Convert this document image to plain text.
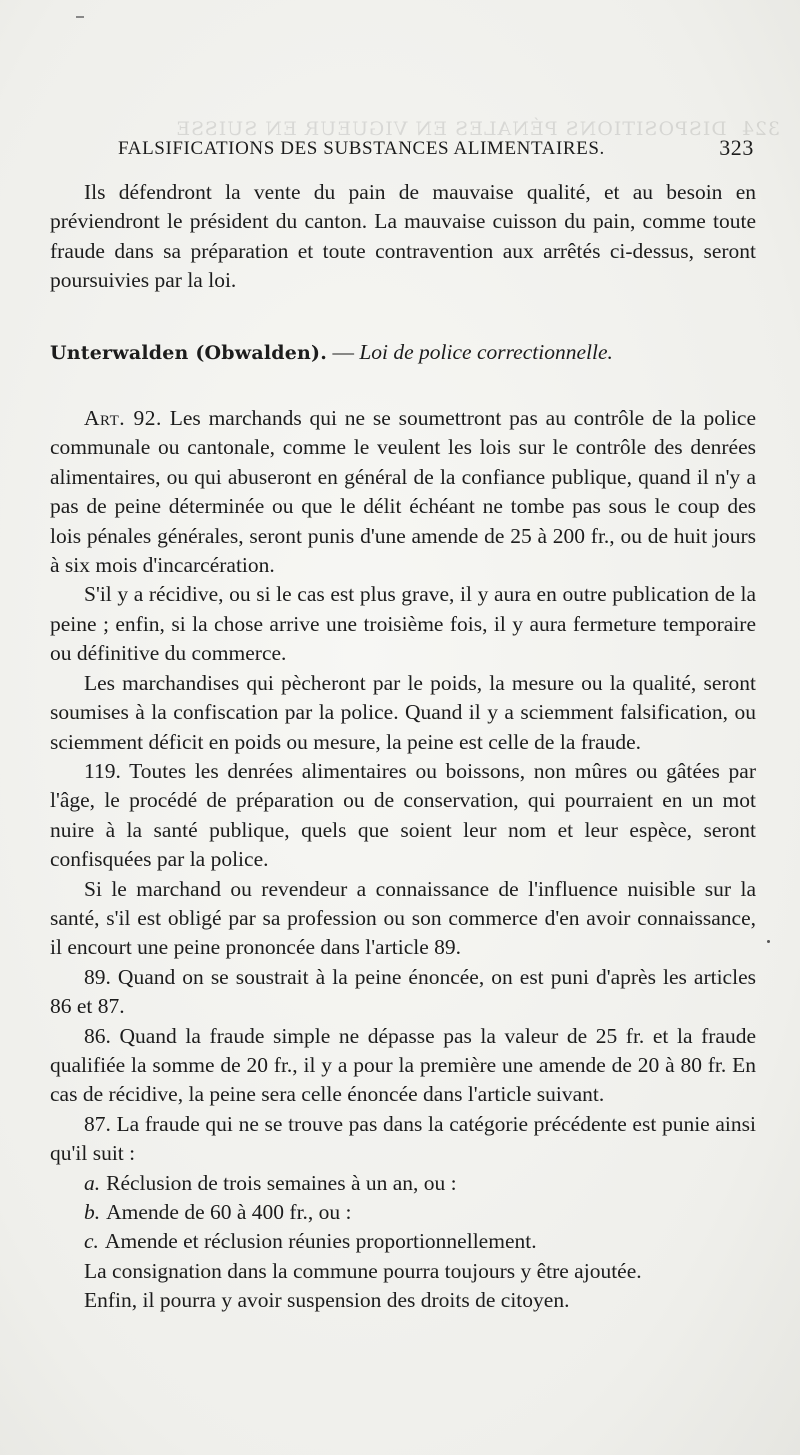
324  DISPOSITIONS PÉNALES EN VIGUEUR EN SUISSE
FALSIFICATIONS DES SUBSTANCES ALIMENTAIRES.	323

Ils défendront la vente du pain de mauvaise qualité, et au besoin en préviendront le président du canton. La mauvaise cuisson du pain, comme toute fraude dans sa préparation et toute contravention aux arrêtés ci-dessus, seront poursuivies par la loi.

Unterwalden (Obwalden). — Loi de police correctionnelle.

Art. 92. Les marchands qui ne se soumettront pas au contrôle de la police communale ou cantonale, comme le veulent les lois sur le contrôle des denrées alimentaires, ou qui abuseront en général de la confiance publique, quand il n'y a pas de peine déterminée ou que le délit échéant ne tombe pas sous le coup des lois pénales générales, seront punis d'une amende de 25 à 200 fr., ou de huit jours à six mois d'incarcération.

S'il y a récidive, ou si le cas est plus grave, il y aura en outre publication de la peine ; enfin, si la chose arrive une troisième fois, il y aura fermeture temporaire ou définitive du commerce.

Les marchandises qui pècheront par le poids, la mesure ou la qualité, seront soumises à la confiscation par la police. Quand il y a sciemment falsification, ou sciemment déficit en poids ou mesure, la peine est celle de la fraude.

119. Toutes les denrées alimentaires ou boissons, non mûres ou gâtées par l'âge, le procédé de préparation ou de conservation, qui pourraient en un mot nuire à la santé publique, quels que soient leur nom et leur espèce, seront confisquées par la police.

Si le marchand ou revendeur a connaissance de l'influence nuisible sur la santé, s'il est obligé par sa profession ou son commerce d'en avoir connaissance, il encourt une peine prononcée dans l'article 89.

89. Quand on se soustrait à la peine énoncée, on est puni d'après les articles 86 et 87.

86. Quand la fraude simple ne dépasse pas la valeur de 25 fr. et la fraude qualifiée la somme de 20 fr., il y a pour la première une amende de 20 à 80 fr. En cas de récidive, la peine sera celle énoncée dans l'article suivant.

87. La fraude qui ne se trouve pas dans la catégorie précédente est punie ainsi qu'il suit :

a. Réclusion de trois semaines à un an, ou :

b. Amende de 60 à 400 fr., ou :

c. Amende et réclusion réunies proportionnellement.

La consignation dans la commune pourra toujours y être ajoutée.

Enfin, il pourra y avoir suspension des droits de citoyen.
